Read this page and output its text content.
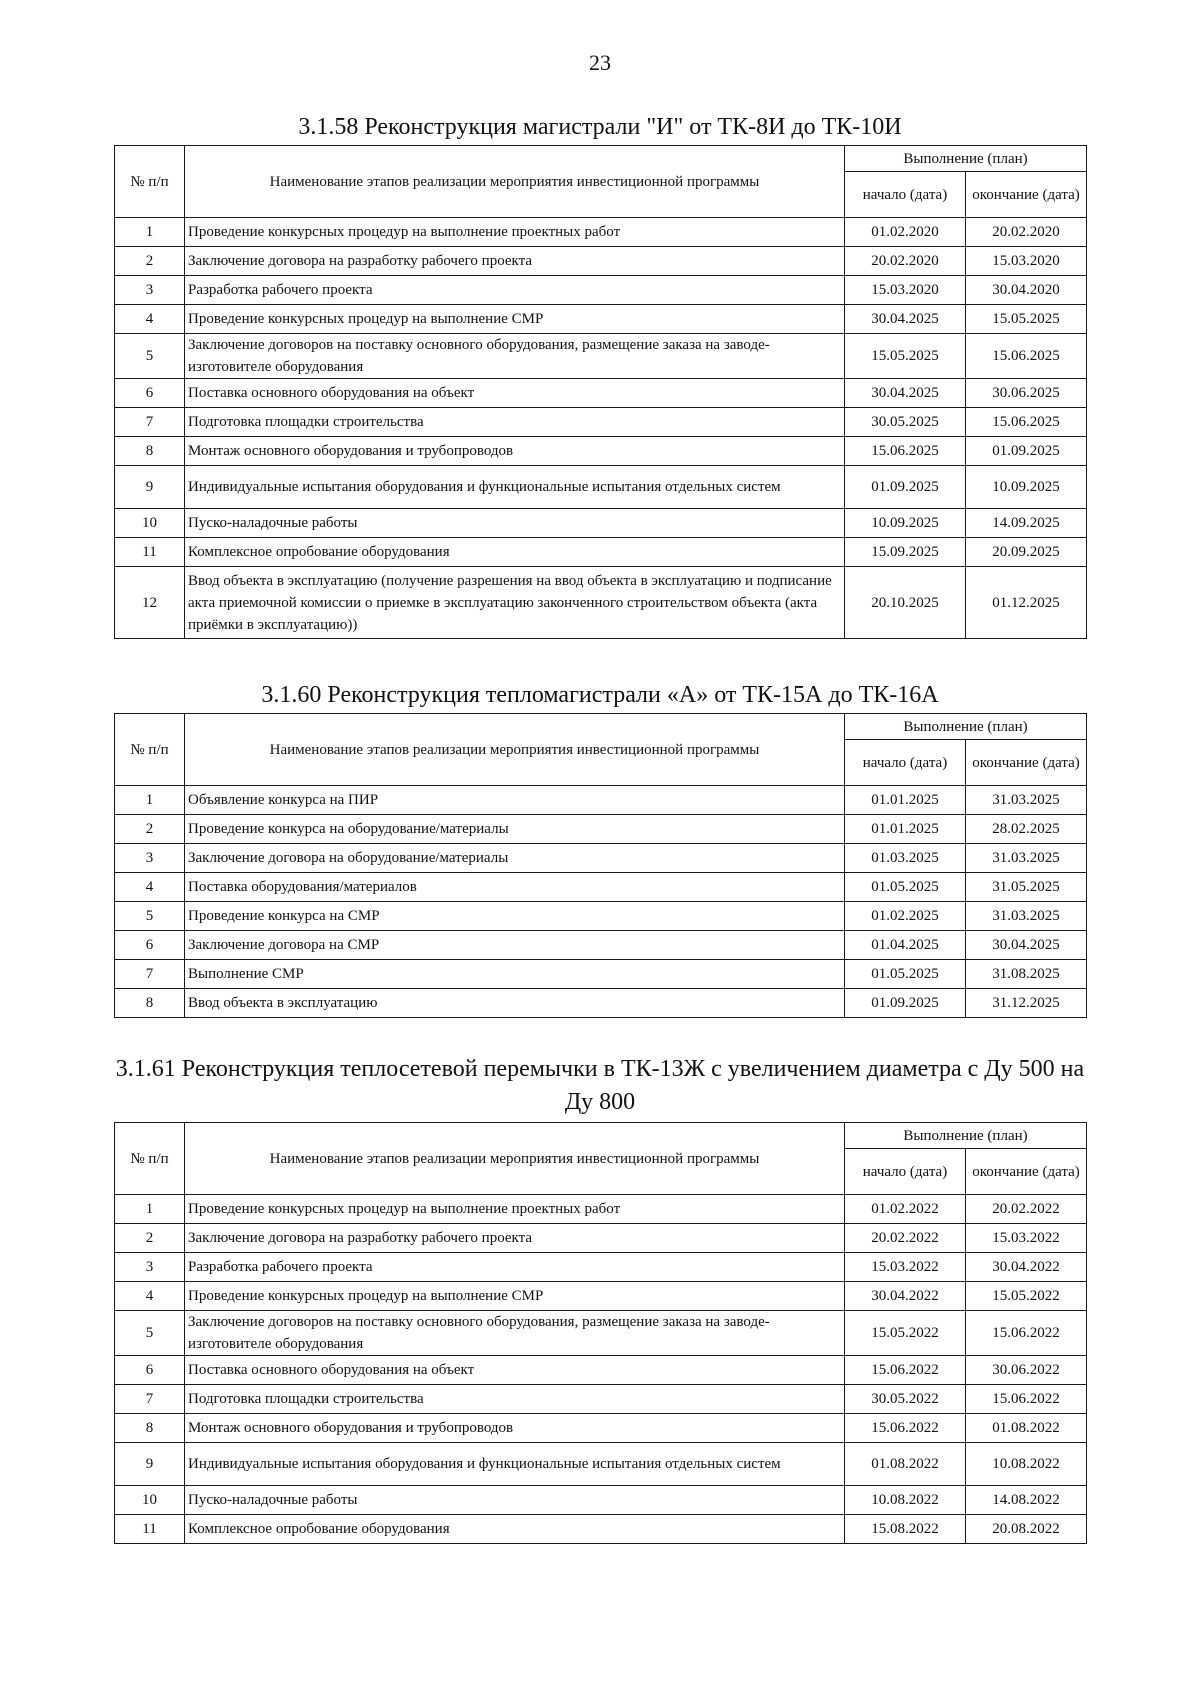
23
3.1.58 Реконструкция магистрали "И" от ТК-8И до ТК-10И
№ п/п	Наименование этапов реализации мероприятия инвестиционной программы	Выполнение (план)	
		начало (дата)	окончание (дата)
1	Проведение конкурсных процедур на выполнение проектных работ	01.02.2020	20.02.2020
2	Заключение договора на разработку рабочего проекта	20.02.2020	15.03.2020
3	Разработка рабочего проекта	15.03.2020	30.04.2020
4	Проведение конкурсных процедур на выполнение СМР	30.04.2025	15.05.2025
5	Заключение договоров на поставку основного оборудования, размещение заказа на заводе-изготовителе оборудования	15.05.2025	15.06.2025
6	Поставка основного оборудования на объект	30.04.2025	30.06.2025
7	Подготовка площадки строительства	30.05.2025	15.06.2025
8	Монтаж основного оборудования и трубопроводов	15.06.2025	01.09.2025
9	Индивидуальные испытания оборудования и функциональные испытания отдельных систем	01.09.2025	10.09.2025
10	Пуско-наладочные работы	10.09.2025	14.09.2025
11	Комплексное опробование оборудования	15.09.2025	20.09.2025
12	Ввод объекта в эксплуатацию (получение разрешения на ввод объекта в эксплуатацию и подписание акта приемочной комиссии о приемке в эксплуатацию законченного строительством объекта (акта приёмки в эксплуатацию))	20.10.2025	01.12.2025
3.1.60 Реконструкция тепломагистрали «А» от ТК-15А до ТК-16А
№ п/п	Наименование этапов реализации мероприятия инвестиционной программы	Выполнение (план)	
		начало (дата)	окончание (дата)
1	Объявление конкурса на ПИР	01.01.2025	31.03.2025
2	Проведение конкурса на оборудование/материалы	01.01.2025	28.02.2025
3	Заключение договора на оборудование/материалы	01.03.2025	31.03.2025
4	Поставка оборудования/материалов	01.05.2025	31.05.2025
5	Проведение конкурса на СМР	01.02.2025	31.03.2025
6	Заключение договора на СМР	01.04.2025	30.04.2025
7	Выполнение СМР	01.05.2025	31.08.2025
8	Ввод объекта в эксплуатацию	01.09.2025	31.12.2025
3.1.61 Реконструкция теплосетевой перемычки в ТК-13Ж с увеличением диаметра с Ду 500 на Ду 800
№ п/п	Наименование этапов реализации мероприятия инвестиционной программы	Выполнение (план)	
		начало (дата)	окончание (дата)
1	Проведение конкурсных процедур на выполнение проектных работ	01.02.2022	20.02.2022
2	Заключение договора на разработку рабочего проекта	20.02.2022	15.03.2022
3	Разработка рабочего проекта	15.03.2022	30.04.2022
4	Проведение конкурсных процедур на выполнение СМР	30.04.2022	15.05.2022
5	Заключение договоров на поставку основного оборудования, размещение заказа на заводе-изготовителе оборудования	15.05.2022	15.06.2022
6	Поставка основного оборудования на объект	15.06.2022	30.06.2022
7	Подготовка площадки строительства	30.05.2022	15.06.2022
8	Монтаж основного оборудования и трубопроводов	15.06.2022	01.08.2022
9	Индивидуальные испытания оборудования и функциональные испытания отдельных систем	01.08.2022	10.08.2022
10	Пуско-наладочные работы	10.08.2022	14.08.2022
11	Комплексное опробование оборудования	15.08.2022	20.08.2022
